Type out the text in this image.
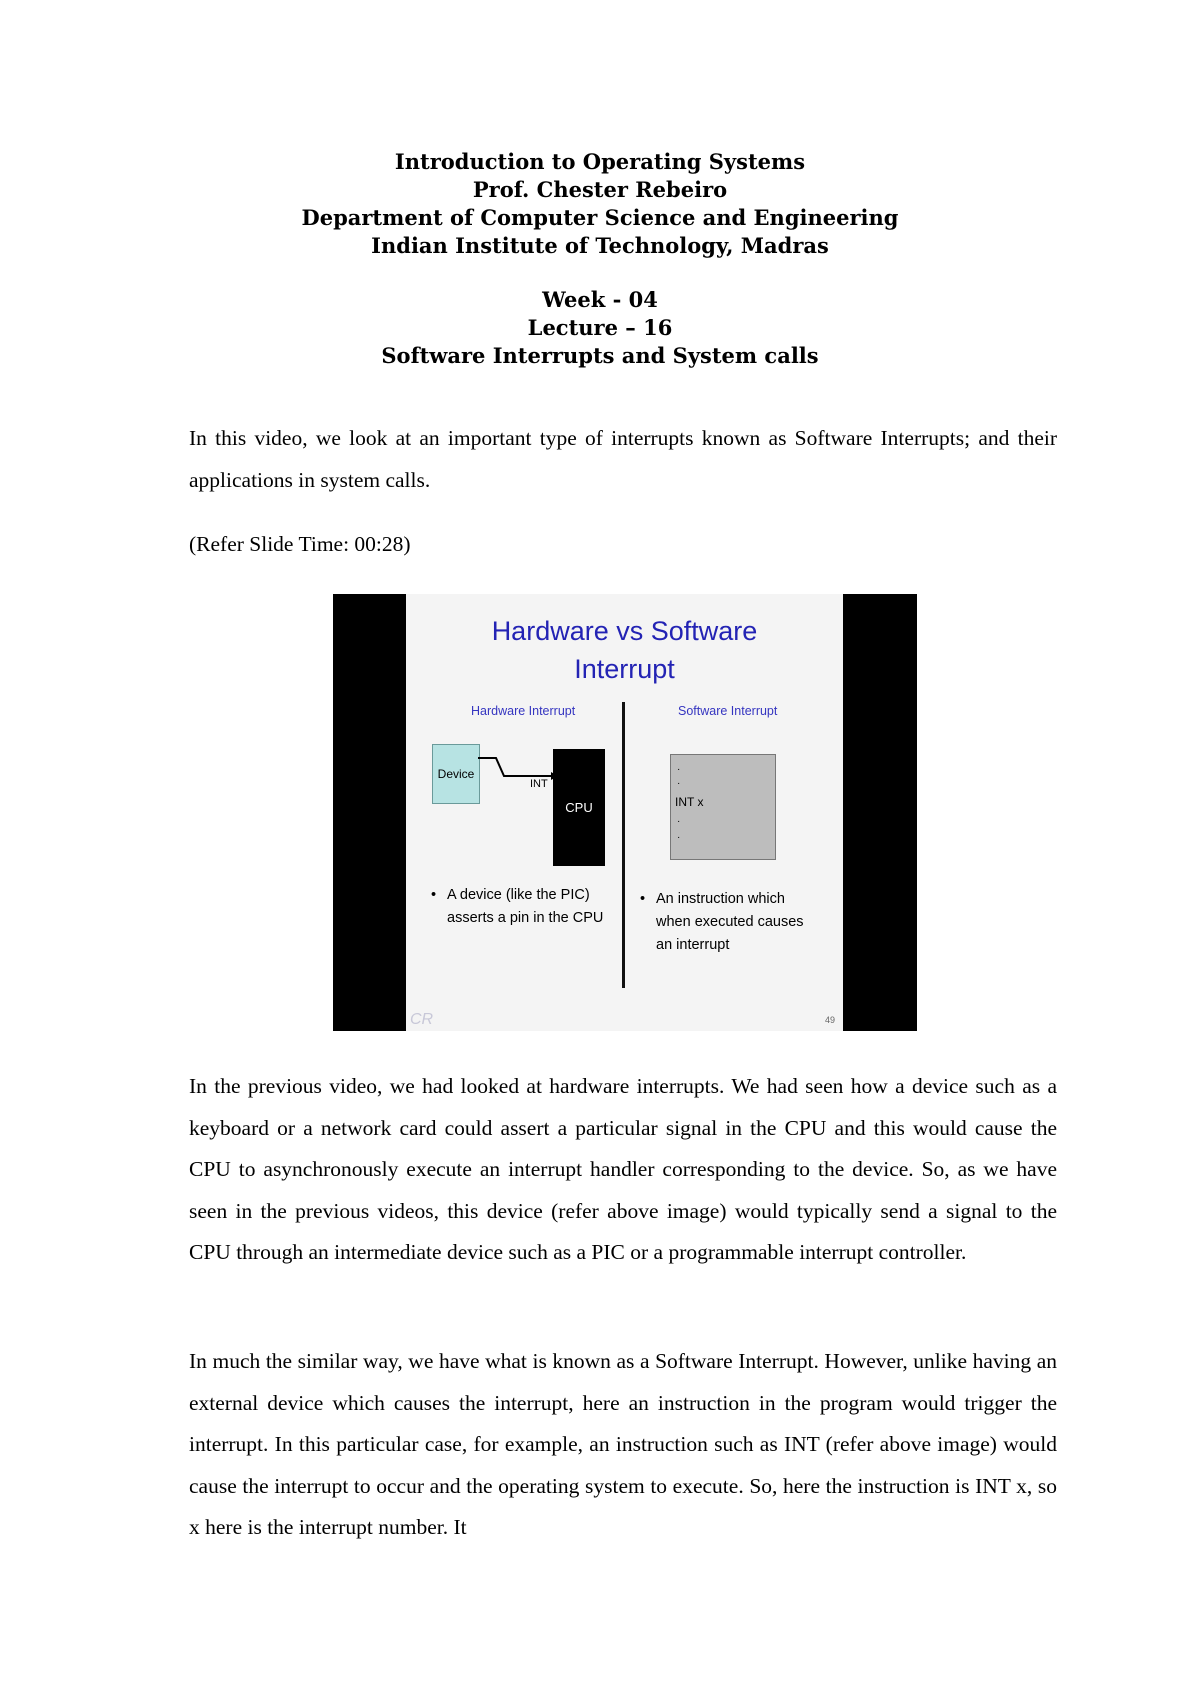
Introduction to Operating Systems
Prof. Chester Rebeiro
Department of Computer Science and Engineering
Indian Institute of Technology, Madras
Week - 04
Lecture – 16
Software Interrupts and System calls

In this video, we look at an important type of interrupts known as Software Interrupts; and their applications in system calls.

(Refer Slide Time: 00:28)

Hardware vs Software
Interrupt
Hardware Interrupt	Software Interrupt
Device
INT
CPU
·
·
INT x
·
·
• A device (like the PIC)
asserts a pin in the CPU
• An instruction which
when executed causes
an interrupt
CR	49

In the previous video, we had looked at hardware interrupts. We had seen how a device such as a keyboard or a network card could assert a particular signal in the CPU and this would cause the CPU to asynchronously execute an interrupt handler corresponding to the device. So, as we have seen in the previous videos, this device (refer above image) would typically send a signal to the CPU through an intermediate device such as a PIC or a programmable interrupt controller.

In much the similar way, we have what is known as a Software Interrupt. However, unlike having an external device which causes the interrupt, here an instruction in the program would trigger the interrupt. In this particular case, for example, an instruction such as INT (refer above image) would cause the interrupt to occur and the operating system to execute. So, here the instruction is INT x, so x here is the interrupt number. It
